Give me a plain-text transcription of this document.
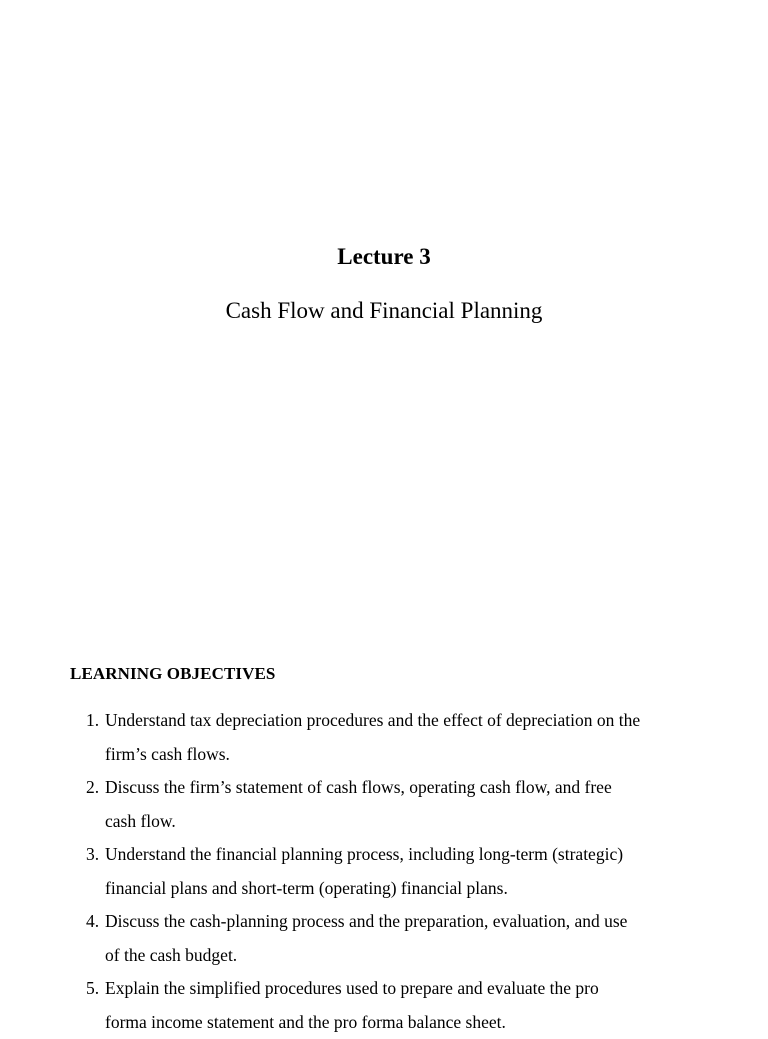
Lecture 3
Cash Flow and Financial Planning
LEARNING OBJECTIVES
1. Understand tax depreciation procedures and the effect of depreciation on the
firm’s cash flows.
2. Discuss the firm’s statement of cash flows, operating cash flow, and free
cash flow.
3. Understand the financial planning process, including long-term (strategic)
financial plans and short-term (operating) financial plans.
4. Discuss the cash-planning process and the preparation, evaluation, and use
of the cash budget.
5. Explain the simplified procedures used to prepare and evaluate the pro
forma income statement and the pro forma balance sheet.
